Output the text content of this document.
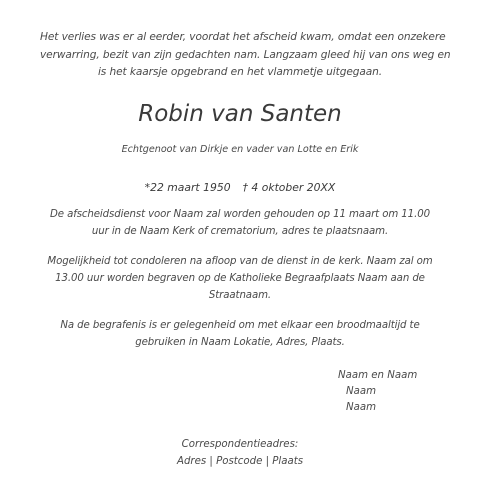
Het verlies was er al eerder, voordat het afscheid kwam, omdat een onzekere
verwarring, bezit van zijn gedachten nam. Langzaam gleed hij van ons weg en
is het kaarsje opgebrand en het vlammetje uitgegaan.
Robin van Santen
Echtgenoot van Dirkje en vader van Lotte en Erik
*22 maart 1950 † 4 oktober 20XX
De afscheidsdienst voor Naam zal worden gehouden op 11 maart om 11.00
uur in de Naam Kerk of crematorium, adres te plaatsnaam.
Mogelijkheid tot condoleren na afloop van de dienst in de kerk. Naam zal om
13.00 uur worden begraven op de Katholieke Begraafplaats Naam aan de
Straatnaam.
Na de begrafenis is er gelegenheid om met elkaar een broodmaaltijd te
gebruiken in Naam Lokatie, Adres, Plaats.
Naam en Naam
Naam
Naam
Correspondentieadres:
Adres | Postcode | Plaats
